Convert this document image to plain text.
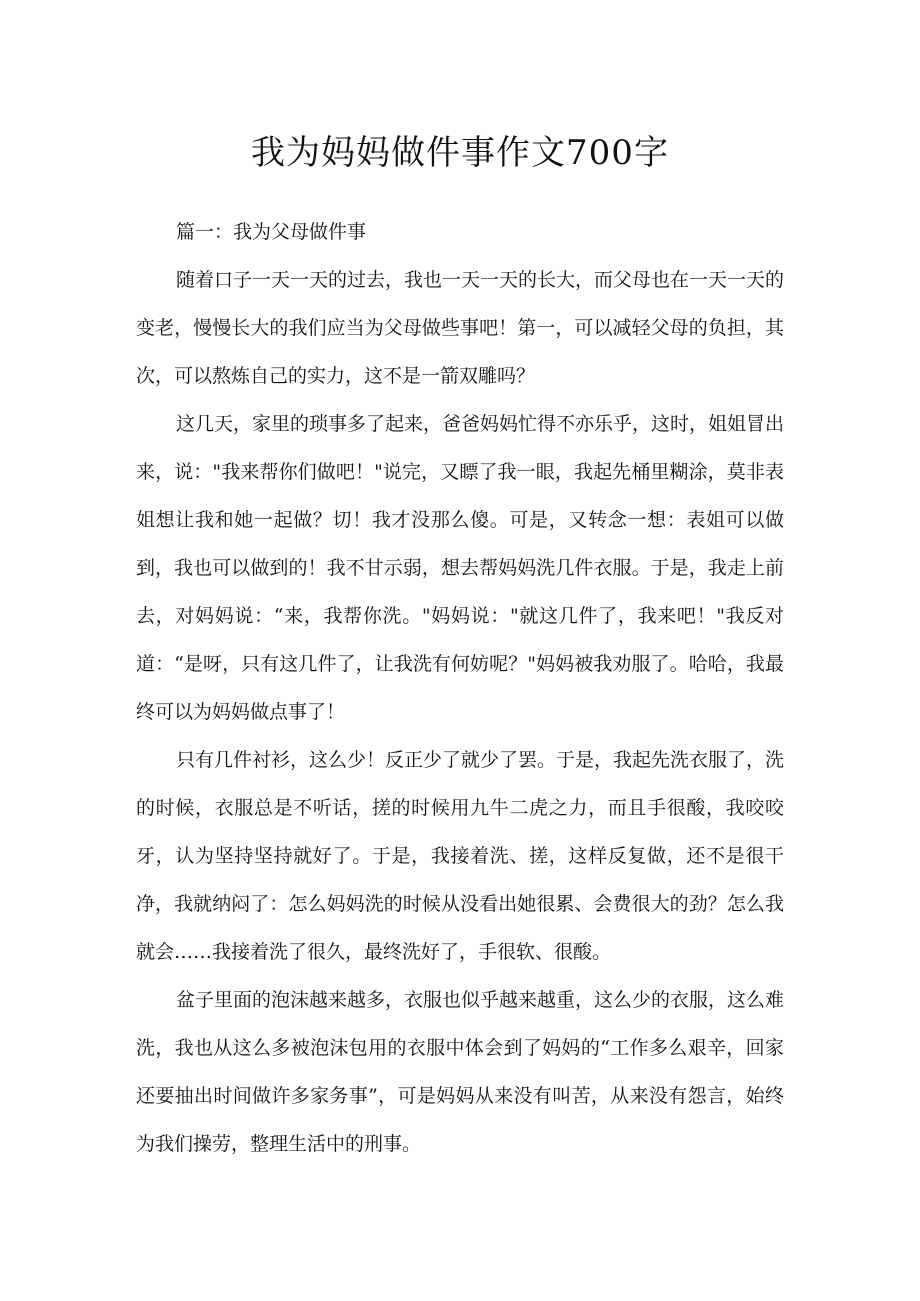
我为妈妈做件事作文700字

篇一：我为父母做件事

随着口子一天一天的过去，我也一天一天的长大，而父母也在一天一天的变老，慢慢长大的我们应当为父母做些事吧！第一，可以减轻父母的负担，其次，可以熬炼自己的实力，这不是一箭双雕吗？

这几天，家里的琐事多了起来，爸爸妈妈忙得不亦乐乎，这时，姐姐冒出来，说："我来帮你们做吧！"说完，又瞟了我一眼，我起先桶里糊涂，莫非表姐想让我和她一起做？切！我才没那么傻。可是，又转念一想：表姐可以做到，我也可以做到的！我不甘示弱，想去帮妈妈洗几件衣服。于是，我走上前去，对妈妈说：“来，我帮你洗。"妈妈说："就这几件了，我来吧！"我反对道：“是呀，只有这几件了，让我洗有何妨呢？"妈妈被我劝服了。哈哈，我最终可以为妈妈做点事了！

只有几件衬衫，这么少！反正少了就少了罢。于是，我起先洗衣服了，洗的时候，衣服总是不听话，搓的时候用九牛二虎之力，而且手很酸，我咬咬牙，认为坚持坚持就好了。于是，我接着洗、搓，这样反复做，还不是很干净，我就纳闷了：怎么妈妈洗的时候从没看出她很累、会费很大的劲？怎么我就会……我接着洗了很久，最终洗好了，手很软、很酸。

盆子里面的泡沫越来越多，衣服也似乎越来越重，这么少的衣服，这么难洗，我也从这么多被泡沫包用的衣服中体会到了妈妈的“工作多么艰辛，回家还要抽出时间做许多家务事”，可是妈妈从来没有叫苦，从来没有怨言，始终为我们操劳，整理生活中的刑事。
